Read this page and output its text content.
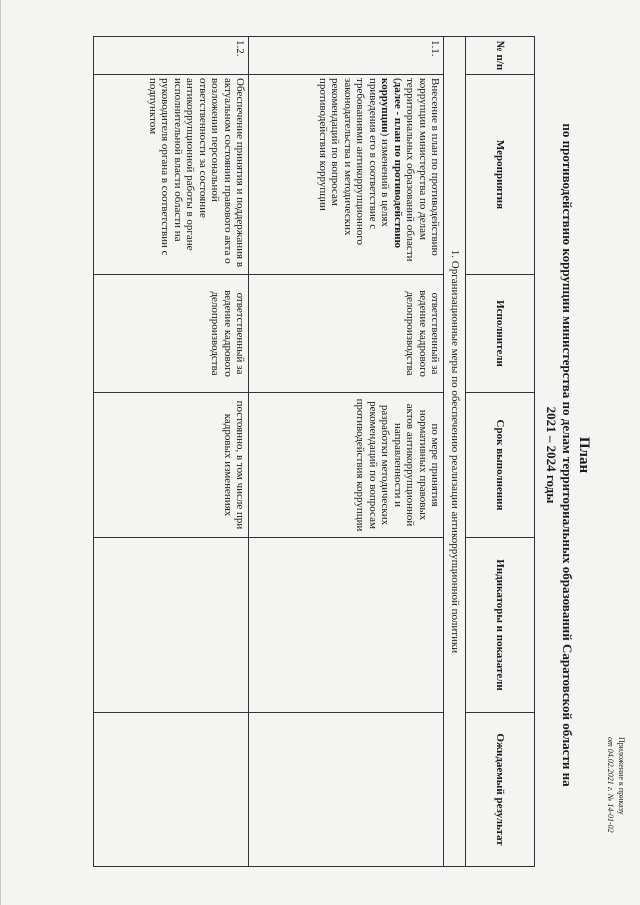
Приложение к приказу
от 04.02.2021 г. № 14-01-02
План
по противодействию коррупции министерства по делам территориальных образований Саратовской области на
2021 – 2024 годы
№ п/п	Мероприятия	Исполнители	Срок выполнения	Индикаторы и показатели	Ожидаемый результат
1. Организационные меры по обеспечению реализации антикоррупционной политики					
1.1.	Внесение в план по противодействию коррупции министерства по делам территориальных образований области (далее - план по противодействию коррупции) изменений в целях приведения его в соответствие с требованиями антикоррупционного законодательства и методических рекомендаций по вопросам противодействия коррупции	ответственный за ведение кадрового делопроизводства	по мере принятия нормативных правовых актов антикоррупционной направленности и разработки методических рекомендаций по вопросам противодействия коррупции		
1.2.	Обеспечение принятия и поддержания в актуальном состоянии правового акта о возложении персональной ответственности за состояние антикоррупционной работы в органе исполнительной власти области на руководителя органа в соответствии с подпунктом	ответственный за ведение кадрового делопроизводства	постоянно, в том числе при кадровых изменениях		
